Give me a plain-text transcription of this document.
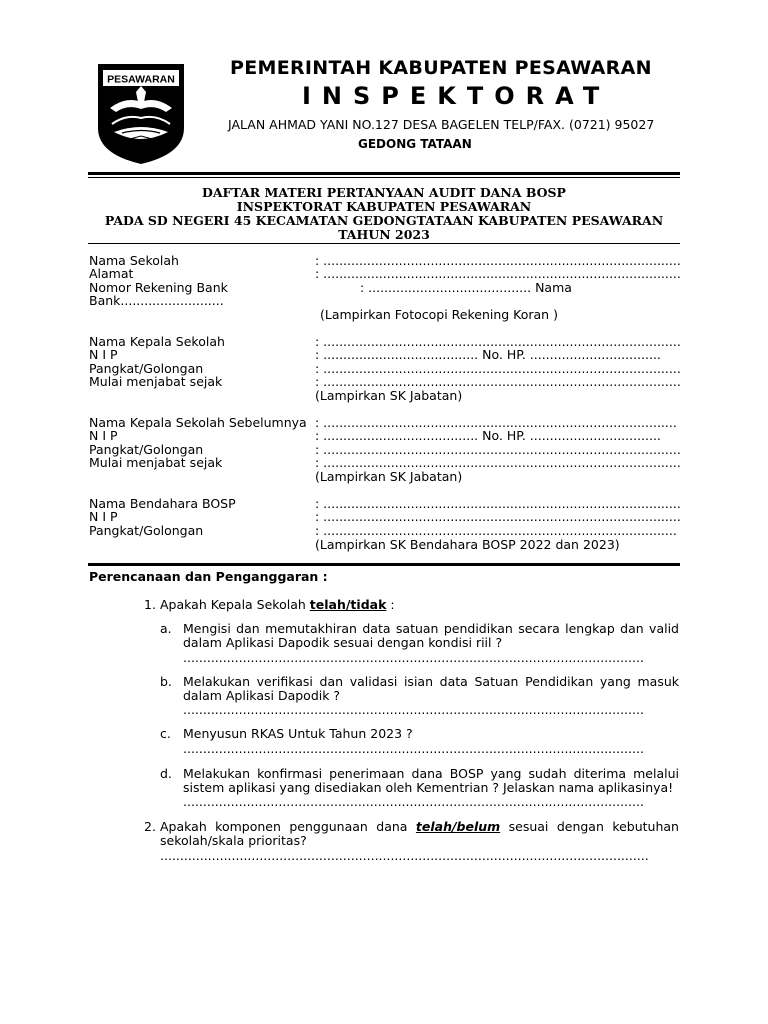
PESAWARAN
PEMERINTAH KABUPATEN PESAWARAN
INSPEKTORAT
JALAN AHMAD YANI NO.127 DESA BAGELEN TELP/FAX. (0721) 95027
GEDONG TATAAN
DAFTAR MATERI PERTANYAAN AUDIT DANA BOSP
INSPEKTORAT KABUPATEN PESAWARAN
PADA SD NEGERI 45 KECAMATAN GEDONGTATAAN KABUPATEN PESAWARAN
TAHUN 2023
Nama Sekolah	: ..........................................................................................
Alamat	: ..........................................................................................
Nomor Rekening Bank	: ......................................... Nama
Bank..........................
(Lampirkan Fotocopi Rekening Koran )
Nama Kepala Sekolah	: ..........................................................................................
N I P	: ....................................... No. HP. .................................
Pangkat/Golongan	: ..........................................................................................
Mulai menjabat sejak	: ..........................................................................................
(Lampirkan SK Jabatan)
Nama Kepala Sekolah Sebelumnya : .........................................................................................
N I P	: ....................................... No. HP. .................................
Pangkat/Golongan	: ..........................................................................................
Mulai menjabat sejak	: ..........................................................................................
(Lampirkan SK Jabatan)
Nama Bendahara BOSP	: ..........................................................................................
N I P	: ..........................................................................................
Pangkat/Golongan	: .........................................................................................
(Lampirkan SK Bendahara BOSP 2022 dan 2023)
Perencanaan dan Penganggaran :
1. Apakah Kepala Sekolah telah/tidak :
a. Mengisi dan memutakhiran data satuan pendidikan secara lengkap dan valid dalam Aplikasi Dapodik sesuai dengan kondisi riil ?
....................................................................................................................
b. Melakukan verifikasi dan validasi isian data Satuan Pendidikan yang masuk dalam Aplikasi Dapodik ?
....................................................................................................................
c. Menyusun RKAS Untuk Tahun 2023 ?
....................................................................................................................
d. Melakukan konfirmasi penerimaan dana BOSP yang sudah diterima melalui sistem aplikasi yang disediakan oleh Kementrian ? Jelaskan nama aplikasinya!
....................................................................................................................
2. Apakah komponen penggunaan dana telah/belum sesuai dengan kebutuhan sekolah/skala prioritas?
...........................................................................................................................
